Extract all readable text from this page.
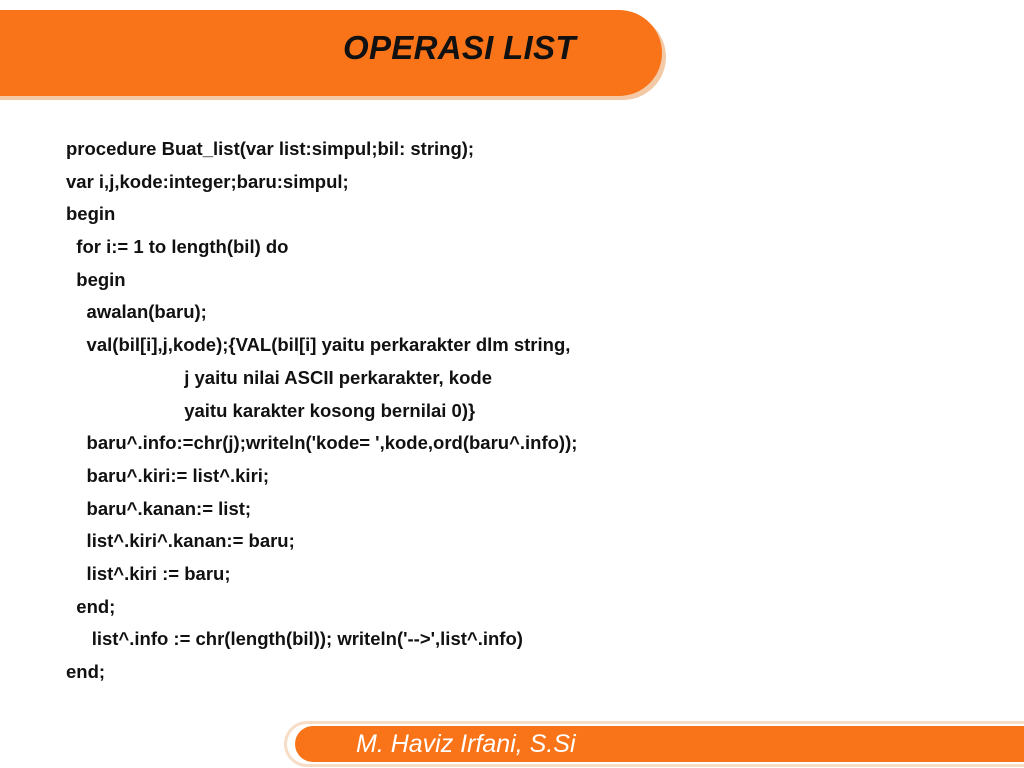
OPERASI LIST
procedure Buat_list(var list:simpul;bil: string);
var i,j,kode:integer;baru:simpul;
begin
for i:= 1 to length(bil) do
begin
awalan(baru);
val(bil[i],j,kode);{VAL(bil[i] yaitu perkarakter dlm string,
j yaitu nilai ASCII perkarakter, kode
yaitu karakter kosong bernilai 0)}
baru^.info:=chr(j);writeln('kode= ',kode,ord(baru^.info));
baru^.kiri:= list^.kiri;
baru^.kanan:= list;
list^.kiri^.kanan:= baru;
list^.kiri := baru;
end;
list^.info := chr(length(bil)); writeln('-->',list^.info)
end;
M. Haviz Irfani, S.Si
